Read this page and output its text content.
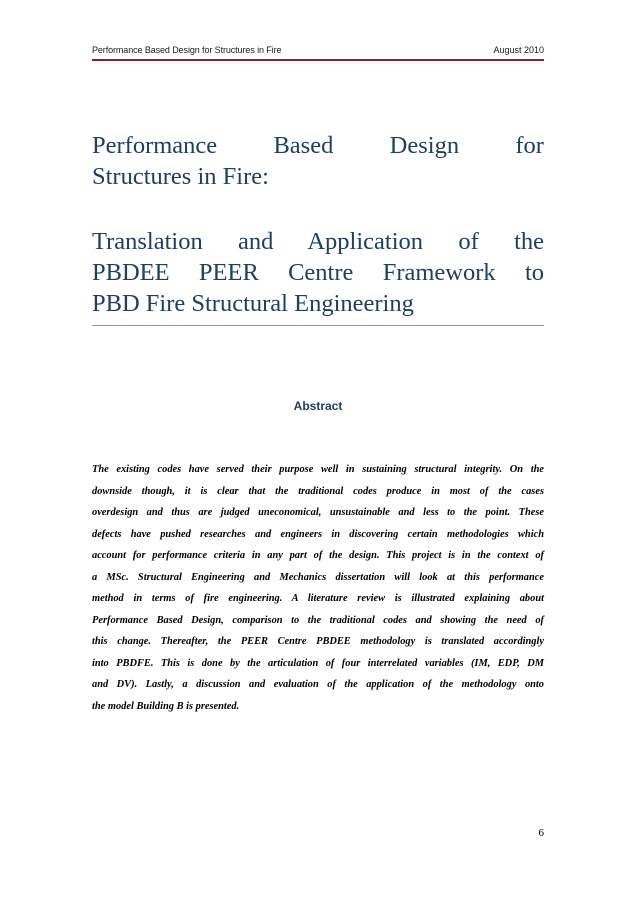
Performance Based Design for Structures in Fire	August 2010
Performance Based Design for
Structures in Fire:
Translation and Application of the
PBDEE PEER Centre Framework to
PBD Fire Structural Engineering
Abstract

The existing codes have served their purpose well in sustaining structural integrity. On the
downside though, it is clear that the traditional codes produce in most of the cases
overdesign and thus are judged uneconomical, unsustainable and less to the point. These
defects have pushed researches and engineers in discovering certain methodologies which
account for performance criteria in any part of the design. This project is in the context of
a MSc. Structural Engineering and Mechanics dissertation will look at this performance
method in terms of fire engineering. A literature review is illustrated explaining about
Performance Based Design, comparison to the traditional codes and showing the need of
this change. Thereafter, the PEER Centre PBDEE methodology is translated accordingly
into PBDFE. This is done by the articulation of four interrelated variables (IM, EDP, DM
and DV). Lastly, a discussion and evaluation of the application of the methodology onto
the model Building B is presented.

6
